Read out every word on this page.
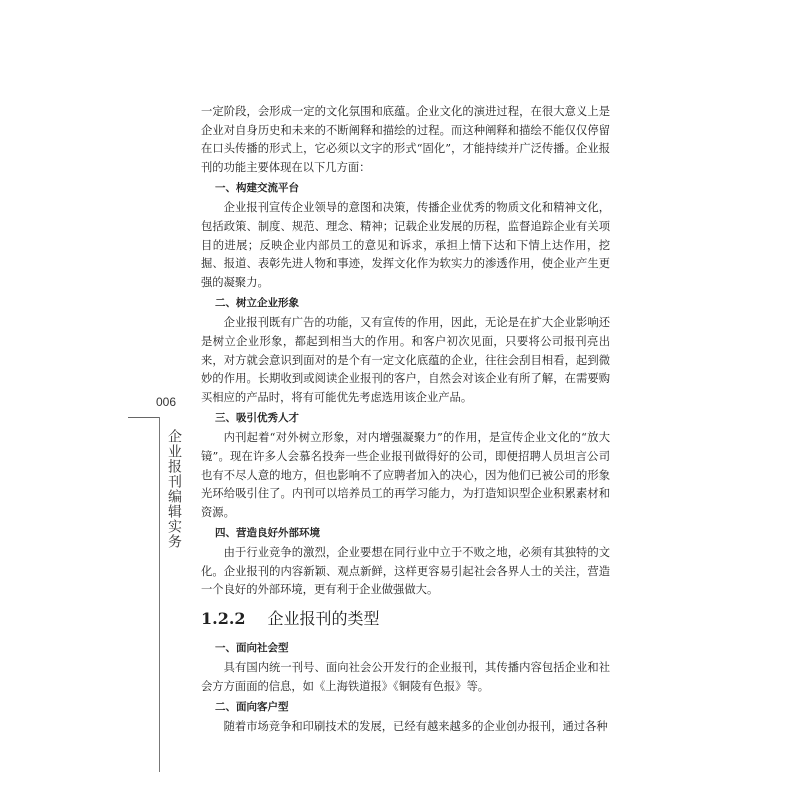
006
企业报刊编辑实务

一定阶段，会形成一定的文化氛围和底蕴。企业文化的演进过程，在很大意义上是企业对自身历史和未来的不断阐释和描绘的过程。而这种阐释和描绘不能仅仅停留在口头传播的形式上，它必须以文字的形式“固化”，才能持续并广泛传播。企业报刊的功能主要体现在以下几方面：

一、构建交流平台

企业报刊宣传企业领导的意图和决策，传播企业优秀的物质文化和精神文化，包括政策、制度、规范、理念、精神；记载企业发展的历程，监督追踪企业有关项目的进展；反映企业内部员工的意见和诉求，承担上情下达和下情上达作用，挖掘、报道、表彰先进人物和事迹，发挥文化作为软实力的渗透作用，使企业产生更强的凝聚力。

二、树立企业形象

企业报刊既有广告的功能，又有宣传的作用，因此，无论是在扩大企业影响还是树立企业形象，都起到相当大的作用。和客户初次见面，只要将公司报刊亮出来，对方就会意识到面对的是个有一定文化底蕴的企业，往往会刮目相看，起到微妙的作用。长期收到或阅读企业报刊的客户，自然会对该企业有所了解，在需要购买相应的产品时，将有可能优先考虑选用该企业产品。

三、吸引优秀人才

内刊起着“对外树立形象，对内增强凝聚力”的作用，是宣传企业文化的“放大镜”。现在许多人会慕名投奔一些企业报刊做得好的公司，即便招聘人员坦言公司也有不尽人意的地方，但也影响不了应聘者加入的决心，因为他们已被公司的形象光环给吸引住了。内刊可以培养员工的再学习能力，为打造知识型企业积累素材和资源。

四、营造良好外部环境

由于行业竞争的激烈，企业要想在同行业中立于不败之地，必须有其独特的文化。企业报刊的内容新颖、观点新鲜，这样更容易引起社会各界人士的关注，营造一个良好的外部环境，更有利于企业做强做大。

1.2.2 企业报刊的类型
一、面向社会型

具有国内统一刊号、面向社会公开发行的企业报刊，其传播内容包括企业和社会方方面面的信息，如《上海铁道报》《铜陵有色报》等。

二、面向客户型

随着市场竞争和印刷技术的发展，已经有越来越多的企业创办报刊，通过各种
